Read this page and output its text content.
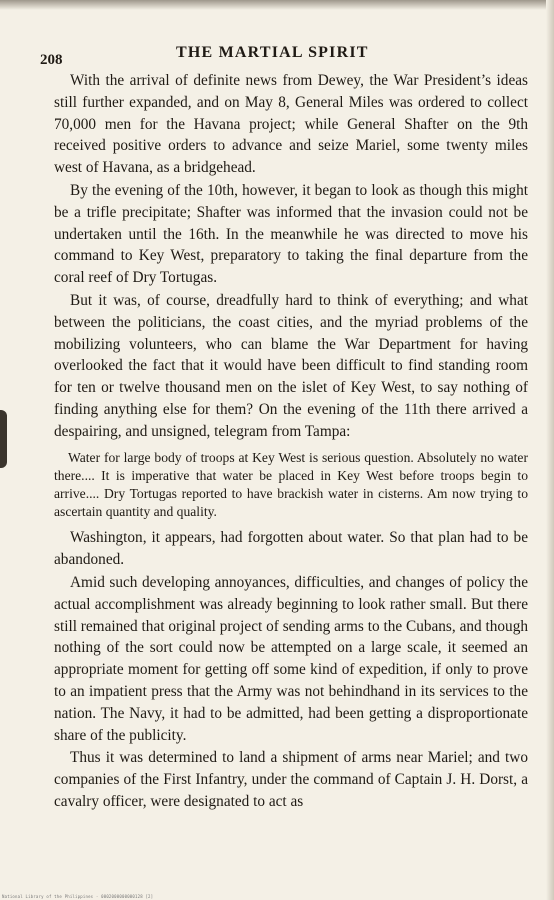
208	THE MARTIAL SPIRIT

With the arrival of definite news from Dewey, the War President’s ideas still further expanded, and on May 8, General Miles was ordered to collect 70,000 men for the Havana project; while General Shafter on the 9th received positive orders to advance and seize Mariel, some twenty miles west of Havana, as a bridgehead.

By the evening of the 10th, however, it began to look as though this might be a trifle precipitate; Shafter was informed that the invasion could not be undertaken until the 16th. In the meanwhile he was directed to move his command to Key West, preparatory to taking the final departure from the coral reef of Dry Tortugas.

But it was, of course, dreadfully hard to think of everything; and what between the politicians, the coast cities, and the myriad problems of the mobilizing volunteers, who can blame the War Department for having overlooked the fact that it would have been difficult to find standing room for ten or twelve thousand men on the islet of Key West, to say nothing of finding anything else for them? On the evening of the 11th there arrived a despairing, and unsigned, telegram from Tampa:

Water for large body of troops at Key West is serious question. Absolutely no water there.... It is imperative that water be placed in Key West before troops begin to arrive.... Dry Tortugas reported to have brackish water in cisterns. Am now trying to ascertain quantity and quality.

Washington, it appears, had forgotten about water. So that plan had to be abandoned.

Amid such developing annoyances, difficulties, and changes of policy the actual accomplishment was already beginning to look rather small. But there still remained that original project of sending arms to the Cubans, and though nothing of the sort could now be attempted on a large scale, it seemed an appropriate moment for getting off some kind of expedition, if only to prove to an impatient press that the Army was not behindhand in its services to the nation. The Navy, it had to be admitted, had been getting a disproportionate share of the publicity.

Thus it was determined to land a shipment of arms near Mariel; and two companies of the First Infantry, under the command of Captain J. H. Dorst, a cavalry officer, were designated to act as

National Library of the Philippines · 0002000000000128 [2]
